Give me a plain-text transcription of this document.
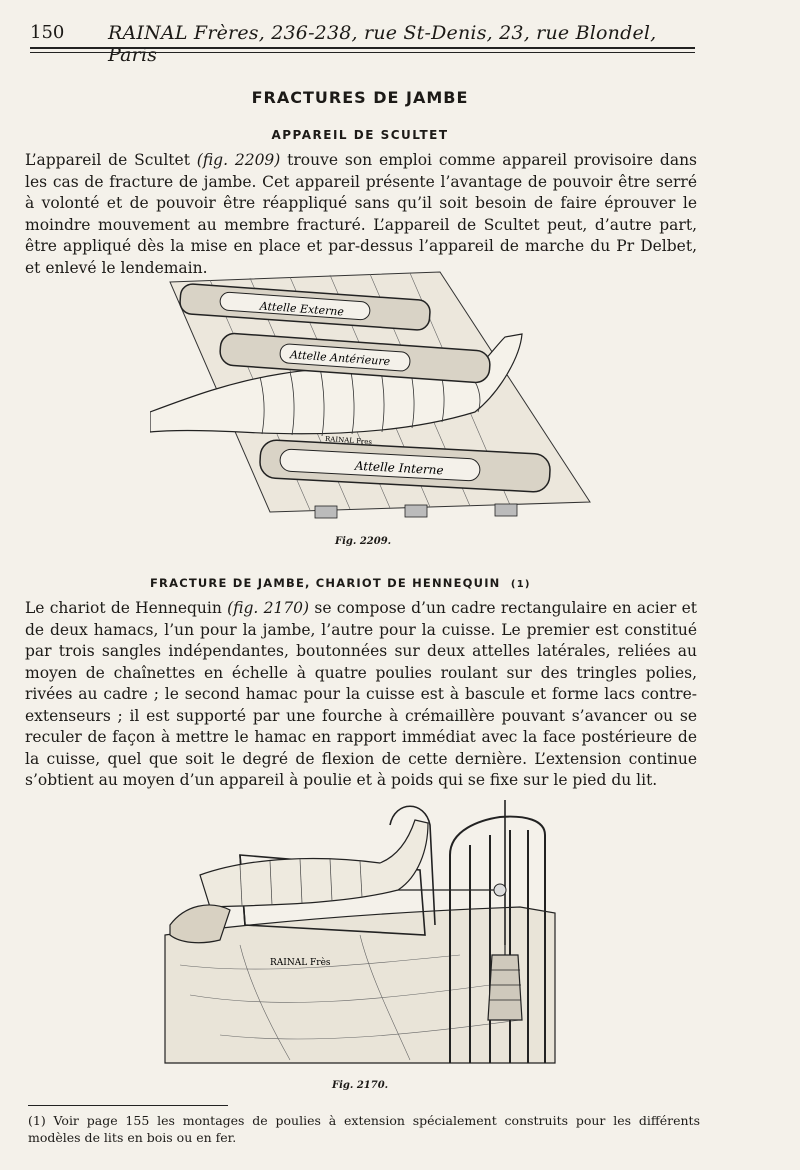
150 RAINAL Frères, 236-238, rue St-Denis, 23, rue Blondel, Paris
FRACTURES DE JAMBE
APPAREIL DE SCULTET

L’appareil de Scultet (fig. 2209) trouve son emploi comme appareil provisoire dans les cas de fracture de jambe. Cet appareil présente l’avantage de pouvoir être serré à volonté et de pouvoir être réappliqué sans qu’il soit besoin de faire éprouver le moindre mouvement au membre fracturé. L’appareil de Scultet peut, d’autre part, être appliqué dès la mise en place et par-dessus l’appareil de marche du Pr Delbet, et enlevé le lendemain.

Attelle Externe
Attelle Antérieure
Attelle Interne
RAINAL Fres
Fig. 2209.
FRACTURE DE JAMBE, CHARIOT DE HENNEQUIN (1)

Le chariot de Hennequin (fig. 2170) se compose d’un cadre rectangulaire en acier et de deux hamacs, l’un pour la jambe, l’autre pour la cuisse. Le premier est constitué par trois sangles indépendantes, boutonnées sur deux attelles latérales, reliées au moyen de chaînettes en échelle à quatre poulies roulant sur des tringles polies, rivées au cadre ; le second hamac pour la cuisse est à bascule et forme lacs contre-extenseurs ; il est supporté par une fourche à crémaillère pouvant s’avancer ou se reculer de façon à mettre le hamac en rapport immédiat avec la face postérieure de la cuisse, quel que soit le degré de flexion de cette dernière. L’extension continue s’obtient au moyen d’un appareil à poulie et à poids qui se fixe sur le pied du lit.

RAINAL Frès
Fig. 2170.

(1) Voir page 155 les montages de poulies à extension spécialement construits pour les différents modèles de lits en bois ou en fer.
